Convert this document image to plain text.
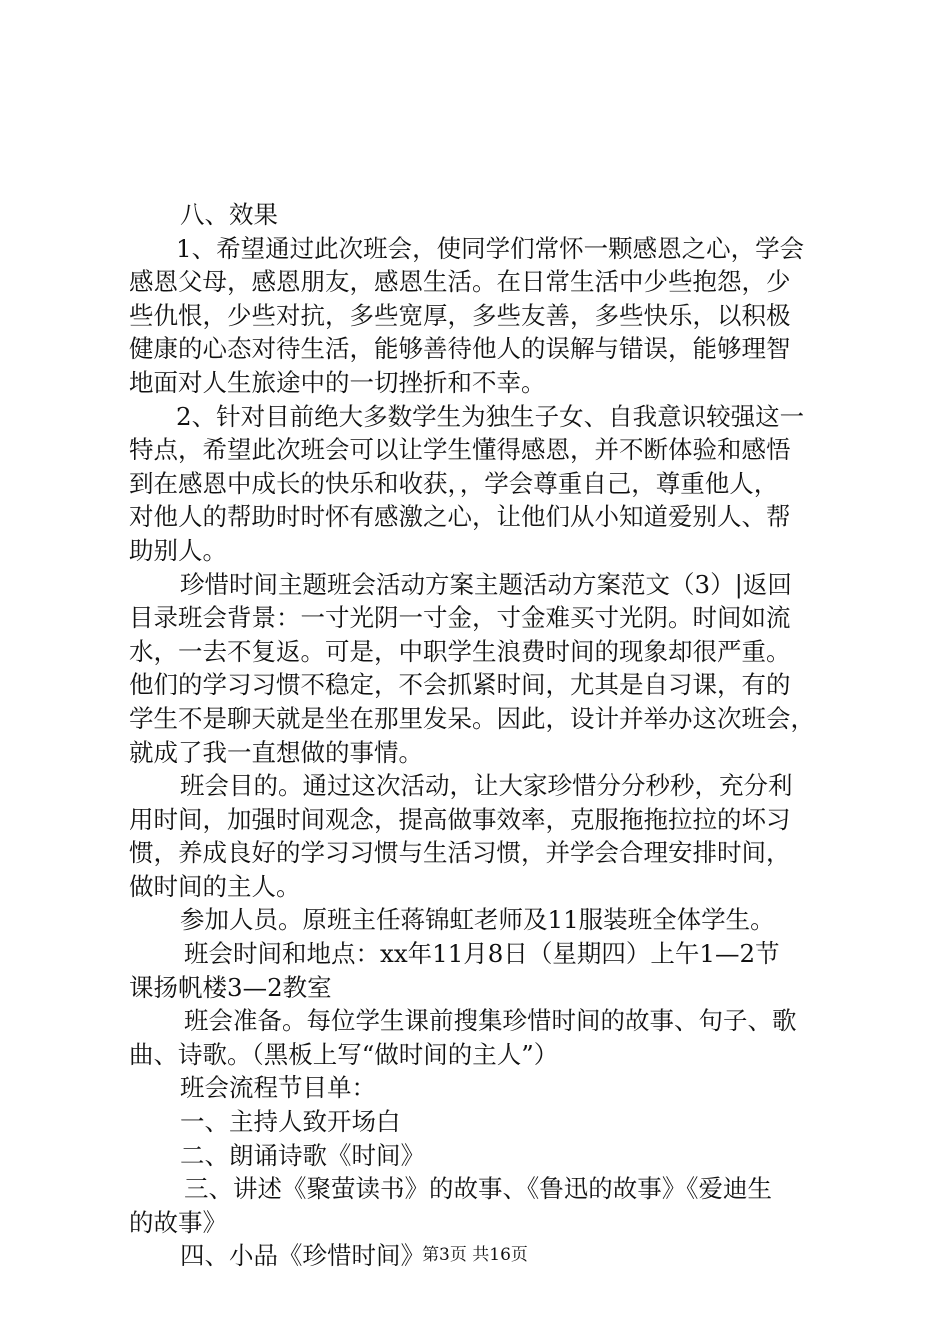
八、效果
1、希望通过此次班会，使同学们常怀一颗感恩之心，学会
感恩父母，感恩朋友，感恩生活。在日常生活中少些抱怨，少
些仇恨，少些对抗，多些宽厚，多些友善，多些快乐，以积极
健康的心态对待生活，能够善待他人的误解与错误，能够理智
地面对人生旅途中的一切挫折和不幸。
2、针对目前绝大多数学生为独生子女、自我意识较强这一
特点，希望此次班会可以让学生懂得感恩，并不断体验和感悟
到在感恩中成长的快乐和收获，，学会尊重自己，尊重他人，
对他人的帮助时时怀有感激之心，让他们从小知道爱别人、帮
助别人。
珍惜时间主题班会活动方案主题活动方案范文（3）|返回
目录班会背景：一寸光阴一寸金，寸金难买寸光阴。时间如流
水，一去不复返。可是，中职学生浪费时间的现象却很严重。
他们的学习习惯不稳定，不会抓紧时间，尤其是自习课，有的
学生不是聊天就是坐在那里发呆。因此，设计并举办这次班会，
就成了我一直想做的事情。
班会目的。通过这次活动，让大家珍惜分分秒秒，充分利
用时间，加强时间观念，提高做事效率，克服拖拖拉拉的坏习
惯，养成良好的学习习惯与生活习惯，并学会合理安排时间，
做时间的主人。
参加人员。原班主任蒋锦虹老师及11服装班全体学生。
班会时间和地点：xx年11月8日（星期四）上午1—2节
课扬帆楼3—2教室
班会准备。每位学生课前搜集珍惜时间的故事、句子、歌
曲、诗歌。（黑板上写“做时间的主人”）
班会流程节目单：
一、主持人致开场白
二、朗诵诗歌《时间》
三、讲述《聚萤读书》的故事、《鲁迅的故事》《爱迪生
的故事》
四、小品《珍惜时间》
第3页 共16页
